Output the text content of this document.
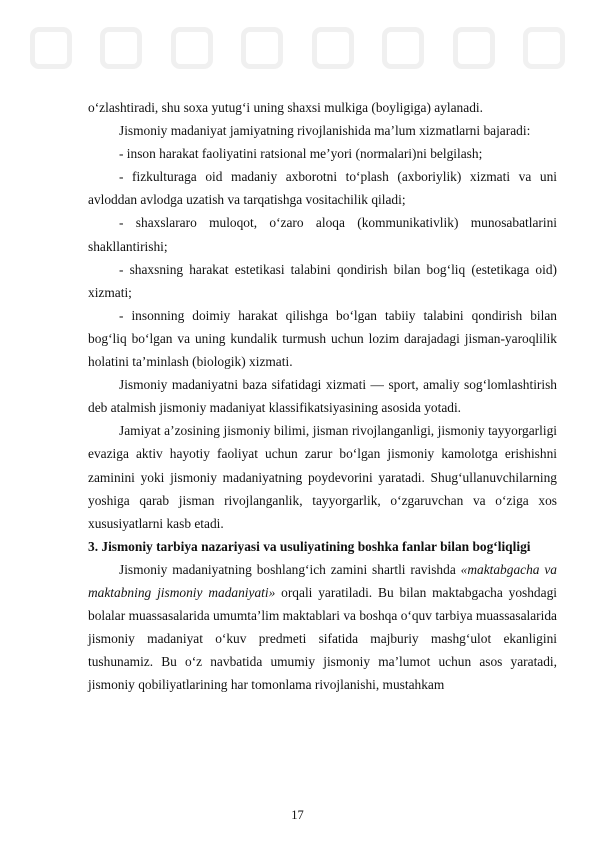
o‘zlashtiradi, shu soxa yutug‘i uning shaxsi mulkiga (boyligiga) aylanadi.

Jismoniy madaniyat jamiyatning rivojlanishida ma’lum xizmatlarni bajaradi:

- inson harakat faoliyatini ratsional me’yori (normalari)ni belgilash;

- fizkulturaga oid madaniy axborotni to‘plash (axboriylik) xizmati va uni avloddan avlodga uzatish va tarqatishga vositachilik qiladi;

- shaxslararo muloqot, o‘zaro aloqa (kommunikativlik) munosabatlarini shakllantirishi;

- shaxsning harakat estetikasi talabini qondirish bilan bog‘liq (estetikaga oid) xizmati;

- insonning doimiy harakat qilishga bo‘lgan tabiiy talabini qondirish bilan bog‘liq bo‘lgan va uning kundalik turmush uchun lozim darajadagi jisman-yaroqlilik holatini ta’minlash (biologik) xizmati.

Jismoniy madaniyatni baza sifatidagi xizmati — sport, amaliy sog‘lomlashtirish deb atalmish jismoniy madaniyat klassifikatsiyasining asosida yotadi.

Jamiyat a’zosining jismoniy bilimi, jisman rivojlanganligi, jismoniy tayyorgarligi evaziga aktiv hayotiy faoliyat uchun zarur bo‘lgan jismoniy kamolotga erishishni zaminini yoki jismoniy madaniyatning poydevorini yaratadi. Shug‘ullanuvchilarning yoshiga qarab jisman rivojlanganlik, tayyorgarlik, o‘zgaruvchan va o‘ziga xos xususiyatlarni kasb etadi.

3. Jismoniy tarbiya nazariyasi va usuliyatining boshka fanlar bilan bog‘liqligi

Jismoniy madaniyatning boshlang‘ich zamini shartli ravishda «maktabgacha va maktabning jismoniy madaniyati» orqali yaratiladi. Bu bilan maktabgacha yoshdagi bolalar muassasalarida umumta’lim maktablari va boshqa o‘quv tarbiya muassasalarida jismoniy madaniyat o‘kuv predmeti sifatida majburiy mashg‘ulot ekanligini tushunamiz. Bu o‘z navbatida umumiy jismoniy ma’lumot uchun asos yaratadi, jismoniy qobiliyatlarining har tomonlama rivojlanishi, mustahkam

17
